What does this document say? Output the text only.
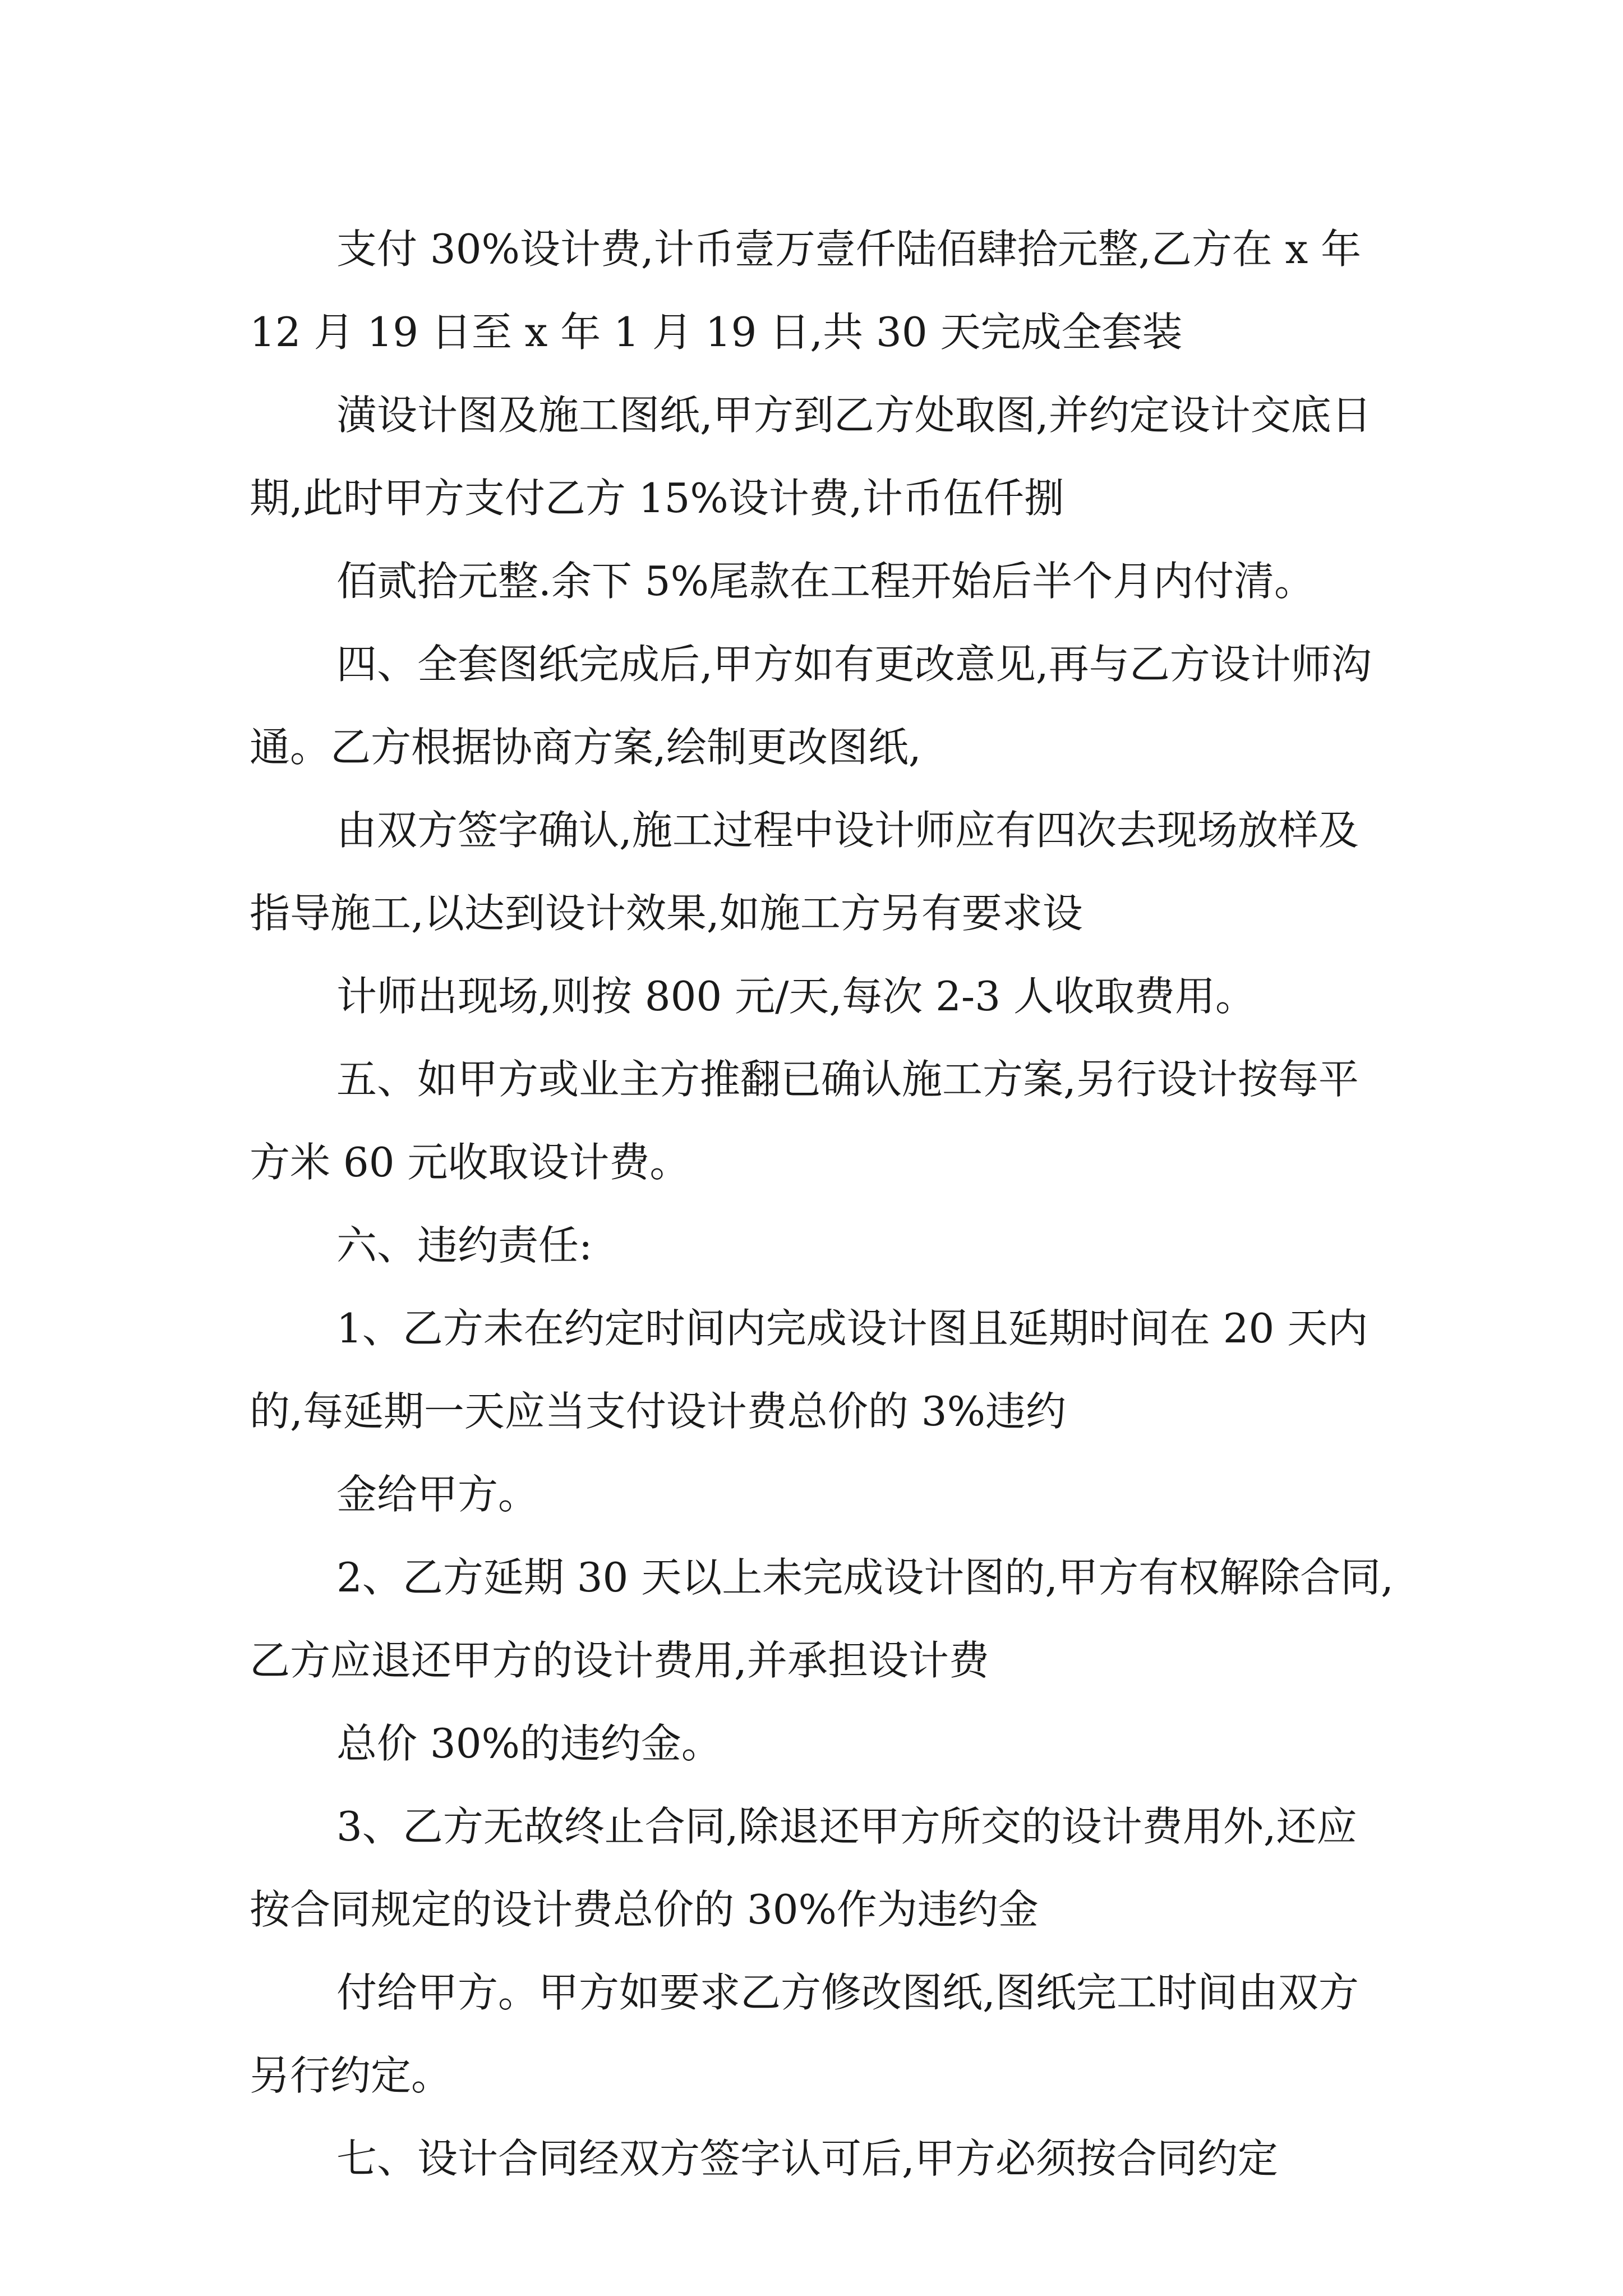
支付 30%设计费,计币壹万壹仟陆佰肆拾元整,乙方在 x 年 12 月 19 日至 x 年 1 月 19 日,共 30 天完成全套装

潢设计图及施工图纸,甲方到乙方处取图,并约定设计交底日期,此时甲方支付乙方 15%设计费,计币伍仟捌

佰贰拾元整.余下 5%尾款在工程开始后半个月内付清。

四、全套图纸完成后,甲方如有更改意见,再与乙方设计师沟通。乙方根据协商方案,绘制更改图纸,

由双方签字确认,施工过程中设计师应有四次去现场放样及指导施工,以达到设计效果,如施工方另有要求设

计师出现场,则按 800 元/天,每次 2-3 人收取费用。

五、如甲方或业主方推翻已确认施工方案,另行设计按每平方米 60 元收取设计费。

六、违约责任:

1、乙方未在约定时间内完成设计图且延期时间在 20 天内的,每延期一天应当支付设计费总价的 3%违约

金给甲方。

2、乙方延期 30 天以上未完成设计图的,甲方有权解除合同,乙方应退还甲方的设计费用,并承担设计费

总价 30%的违约金。

3、乙方无故终止合同,除退还甲方所交的设计费用外,还应按合同规定的设计费总价的 30%作为违约金

付给甲方。甲方如要求乙方修改图纸,图纸完工时间由双方另行约定。

七、设计合同经双方签字认可后,甲方必须按合同约定
